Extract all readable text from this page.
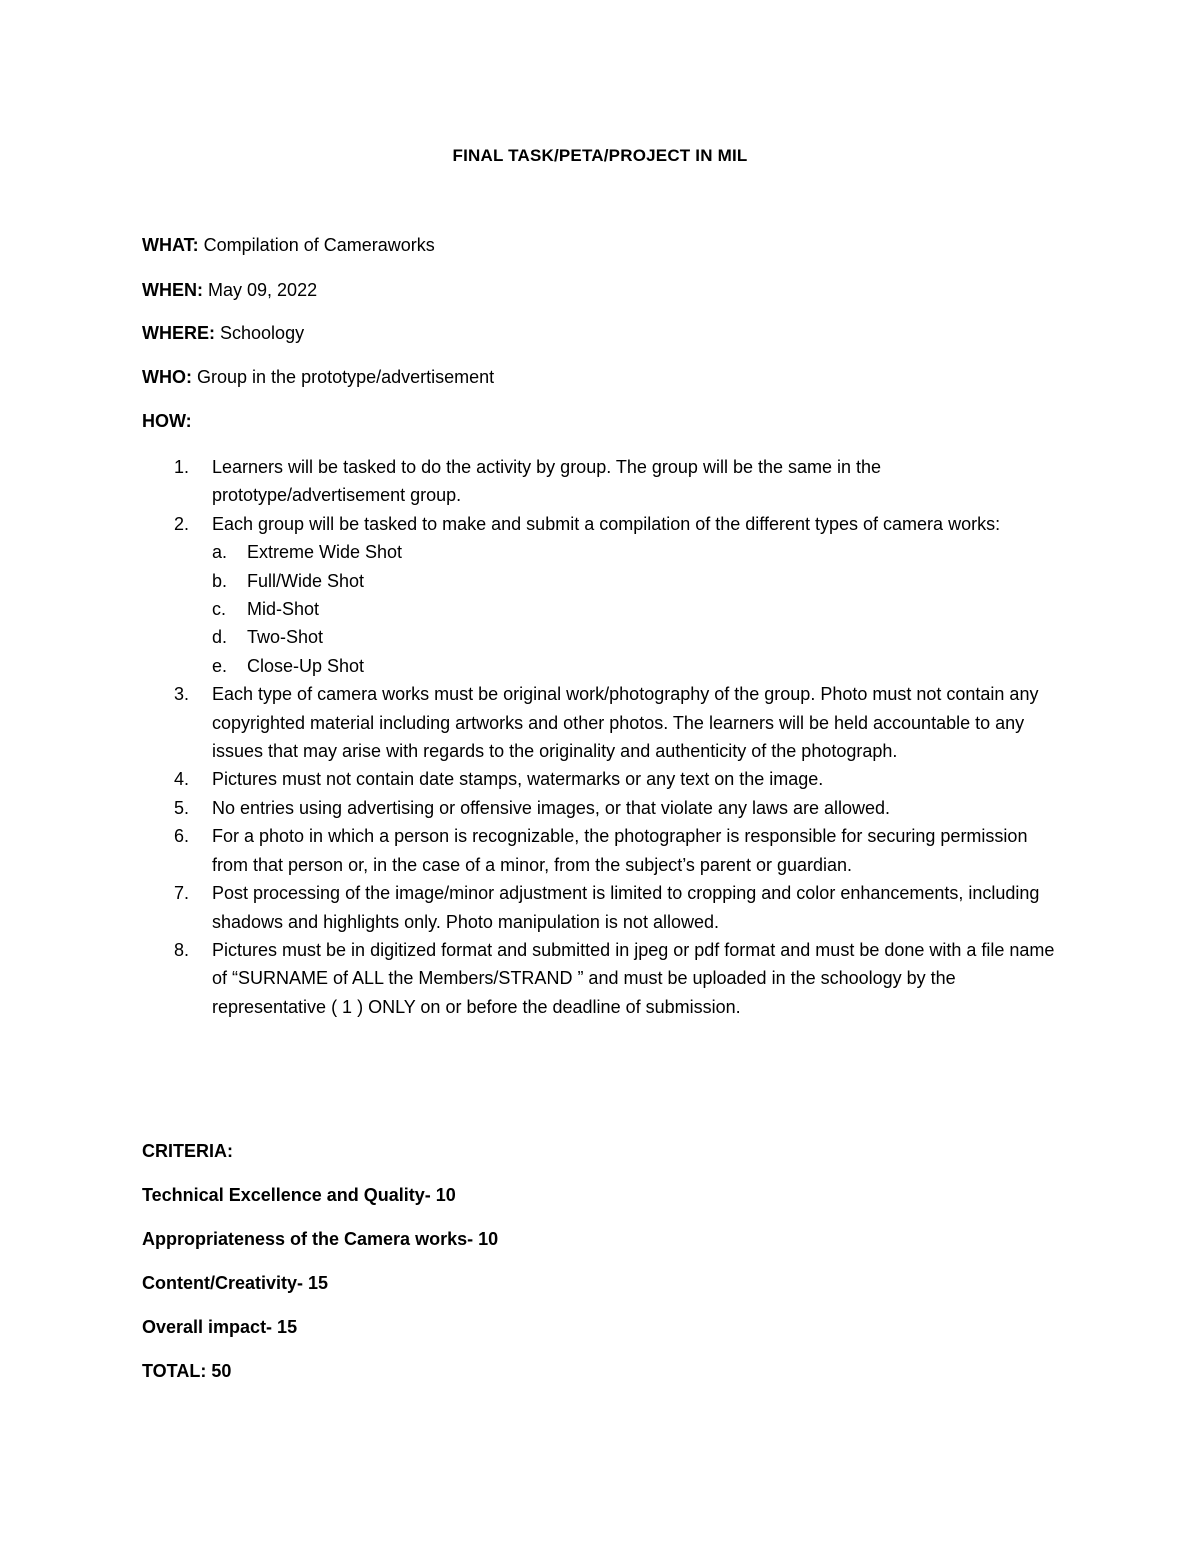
FINAL TASK/PETA/PROJECT IN MIL
WHAT: Compilation of Cameraworks
WHEN: May 09, 2022
WHERE: Schoology
WHO: Group in the prototype/advertisement
HOW:
1. Learners will be tasked to do the activity by group. The group will be the same in the prototype/advertisement group.
2. Each group will be tasked to make and submit a compilation of the different types of camera works:
a. Extreme Wide Shot
b. Full/Wide Shot
c. Mid-Shot
d. Two-Shot
e. Close-Up Shot
3. Each type of camera works must be original work/photography of the group. Photo must not contain any copyrighted material including artworks and other photos. The learners will be held accountable to any issues that may arise with regards to the originality and authenticity of the photograph.
4. Pictures must not contain date stamps, watermarks or any text on the image.
5. No entries using advertising or offensive images, or that violate any laws are allowed.
6. For a photo in which a person is recognizable, the photographer is responsible for securing permission from that person or, in the case of a minor, from the subject’s parent or guardian.
7. Post processing of the image/minor adjustment is limited to cropping and color enhancements, including shadows and highlights only. Photo manipulation is not allowed.
8. Pictures must be in digitized format and submitted in jpeg or pdf format and must be done with a file name of “SURNAME of ALL the Members/STRAND ” and must be uploaded in the schoology by the representative ( 1 ) ONLY on or before the deadline of submission.
CRITERIA:
Technical Excellence and Quality- 10
Appropriateness of the Camera works- 10
Content/Creativity- 15
Overall impact- 15
TOTAL: 50
